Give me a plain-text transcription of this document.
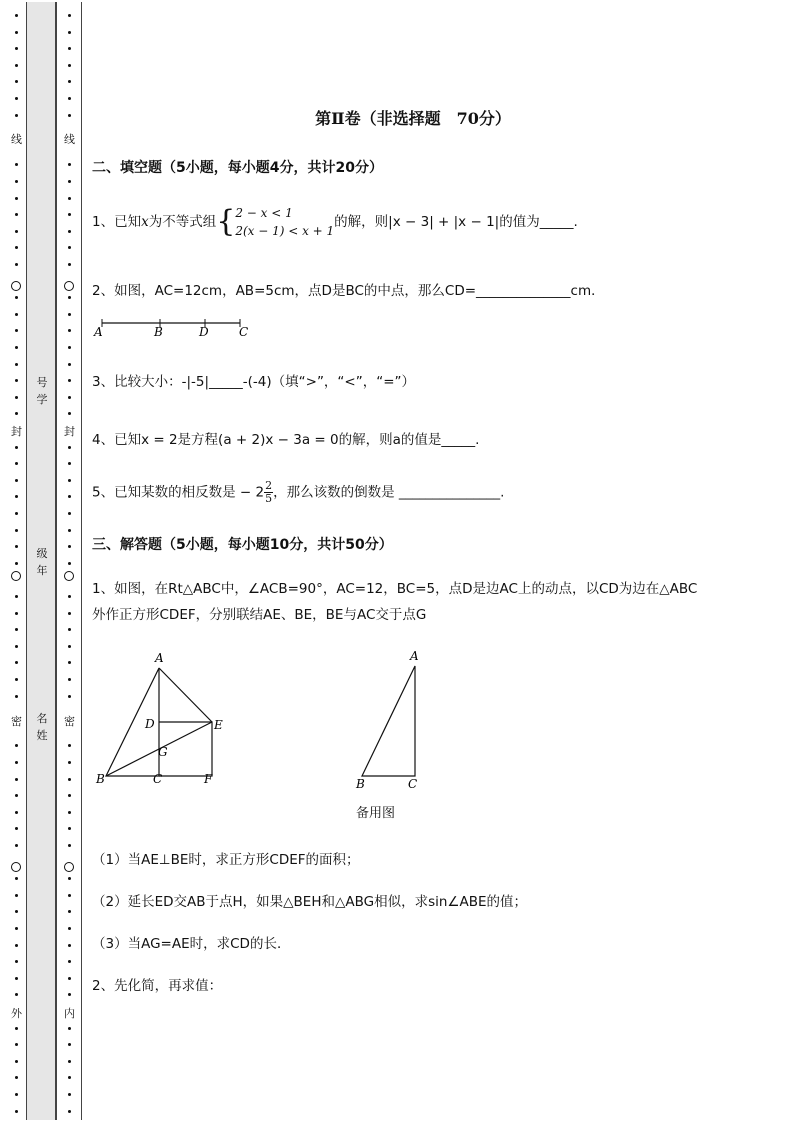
线
封
密
外
线
封
密
内
号学
级年
名姓
第Ⅱ卷（非选择题　70分）
二、填空题（5小题，每小题4分，共计20分）
1、已知x为不等式组{2 − x < 1
2(x − 1) < x + 1的解，则|x − 3| + |x − 1|的值为_____.
2、如图，AC=12cm，AB=5cm，点D是BC的中点，那么CD=______________cm．
A	B	D	C
3、比较大小：-|-5|_____-(-4)（填“>”，“<”，“=”）
4、已知x = 2是方程(a + 2)x − 3a = 0的解，则a的值是_____.
5、已知某数的相反数是 − $2 \frac{2}{5}$ ，那么该数的倒数是 _______________.
三、解答题（5小题，每小题10分，共计50分）
1、如图，在Rt△ABC中，∠ACB=90°，AC=12，BC=5，点D是边AC上的动点，以CD为边在△ABC
外作正方形CDEF，分别联结AE、BE，BE与AC交于点G
A
D	E
G
B	C	F
A
B	C
备用图
（1）当AE⊥BE时，求正方形CDEF的面积；
（2）延长ED交AB于点H，如果△BEH和△ABG相似，求sin∠ABE的值；
（3）当AG=AE时，求CD的长．
2、先化简，再求值：
